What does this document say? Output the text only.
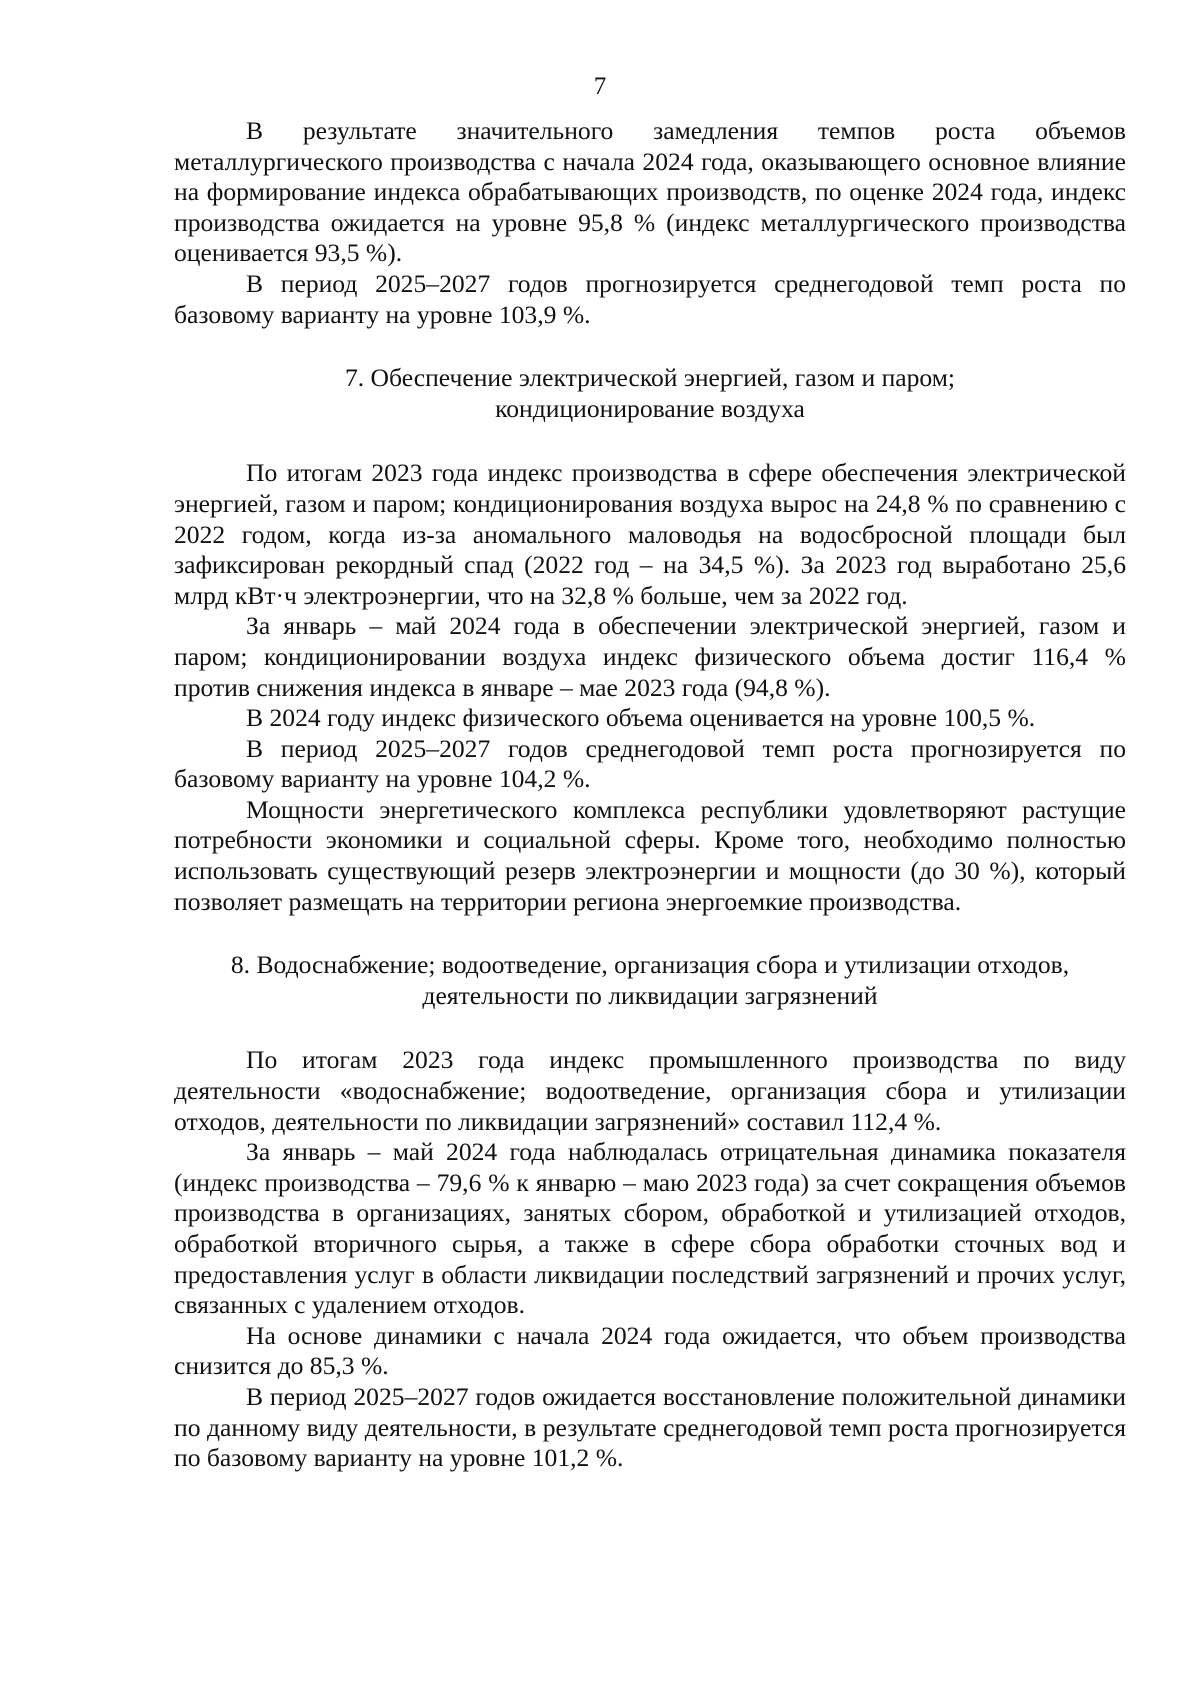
7

В результате значительного замедления темпов роста объемов металлургического производства с начала 2024 года, оказывающего основное влияние на формирование индекса обрабатывающих производств, по оценке 2024 года, индекс производства ожидается на уровне 95,8 % (индекс металлургического производства оценивается 93,5 %).

В период 2025–2027 годов прогнозируется среднегодовой темп роста по базовому варианту на уровне 103,9 %.

7. Обеспечение электрической энергией, газом и паром;
кондиционирование воздуха

По итогам 2023 года индекс производства в сфере обеспечения электрической энергией, газом и паром; кондиционирования воздуха вырос на 24,8 % по сравнению с 2022 годом, когда из-за аномального маловодья на водосбросной площади был зафиксирован рекордный спад (2022 год – на 34,5 %). За 2023 год выработано 25,6 млрд кВт·ч электроэнергии, что на 32,8 % больше, чем за 2022 год.

За январь – май 2024 года в обеспечении электрической энергией, газом и паром; кондиционировании воздуха индекс физического объема достиг 116,4 % против снижения индекса в январе – мае 2023 года (94,8 %).

В 2024 году индекс физического объема оценивается на уровне 100,5 %.

В период 2025–2027 годов среднегодовой темп роста прогнозируется по базовому варианту на уровне 104,2 %.

Мощности энергетического комплекса республики удовлетворяют растущие потребности экономики и социальной сферы. Кроме того, необходимо полностью использовать существующий резерв электроэнергии и мощности (до 30 %), который позволяет размещать на территории региона энергоемкие производства.

8. Водоснабжение; водоотведение, организация сбора и утилизации отходов,
деятельности по ликвидации загрязнений

По итогам 2023 года индекс промышленного производства по виду деятельности «водоснабжение; водоотведение, организация сбора и утилизации отходов, деятельности по ликвидации загрязнений» составил 112,4 %.

За январь – май 2024 года наблюдалась отрицательная динамика показателя (индекс производства – 79,6 % к январю – маю 2023 года) за счет сокращения объемов производства в организациях, занятых сбором, обработкой и утилизацией отходов, обработкой вторичного сырья, а также в сфере сбора обработки сточных вод и предоставления услуг в области ликвидации последствий загрязнений и прочих услуг, связанных с удалением отходов.

На основе динамики с начала 2024 года ожидается, что объем производства снизится до 85,3 %.

В период 2025–2027 годов ожидается восстановление положительной динамики по данному виду деятельности, в результате среднегодовой темп роста прогнозируется по базовому варианту на уровне 101,2 %.
